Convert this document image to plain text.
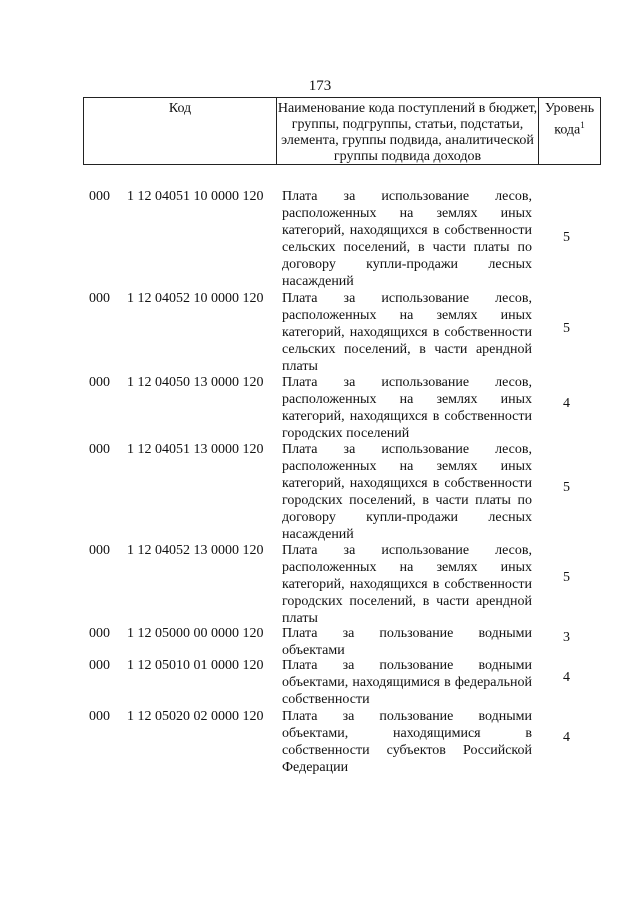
173
Код	Наименование кода поступлений в бюджет, группы, подгруппы, статьи, подстатьи, элемента, группы подвида, аналитической группы подвида доходов
Уровень
кода$^1$
000 1 12 04051 10 0000 120 Плата за использование лесов, расположенных на землях иных категорий, находящихся в собственности сельских поселений, в части платы по договору купли-продажи лесных насаждений
5
000 1 12 04052 10 0000 120 Плата за использование лесов, расположенных на землях иных категорий, находящихся в собственности сельских поселений, в части арендной платы
5
000 1 12 04050 13 0000 120 Плата за использование лесов, расположенных на землях иных категорий, находящихся в собственности городских поселений
4
000 1 12 04051 13 0000 120 Плата за использование лесов, расположенных на землях иных категорий, находящихся в собственности городских поселений, в части платы по договору купли-продажи лесных насаждений
5
000 1 12 04052 13 0000 120 Плата за использование лесов, расположенных на землях иных категорий, находящихся в собственности городских поселений, в части арендной платы
5
000 1 12 05000 00 0000 120 Плата за пользование водными объектами
3
000 1 12 05010 01 0000 120 Плата за пользование водными объектами, находящимися в федеральной собственности
4
000 1 12 05020 02 0000 120 Плата за пользование водными объектами, находящимися в собственности субъектов Российской Федерации
4
